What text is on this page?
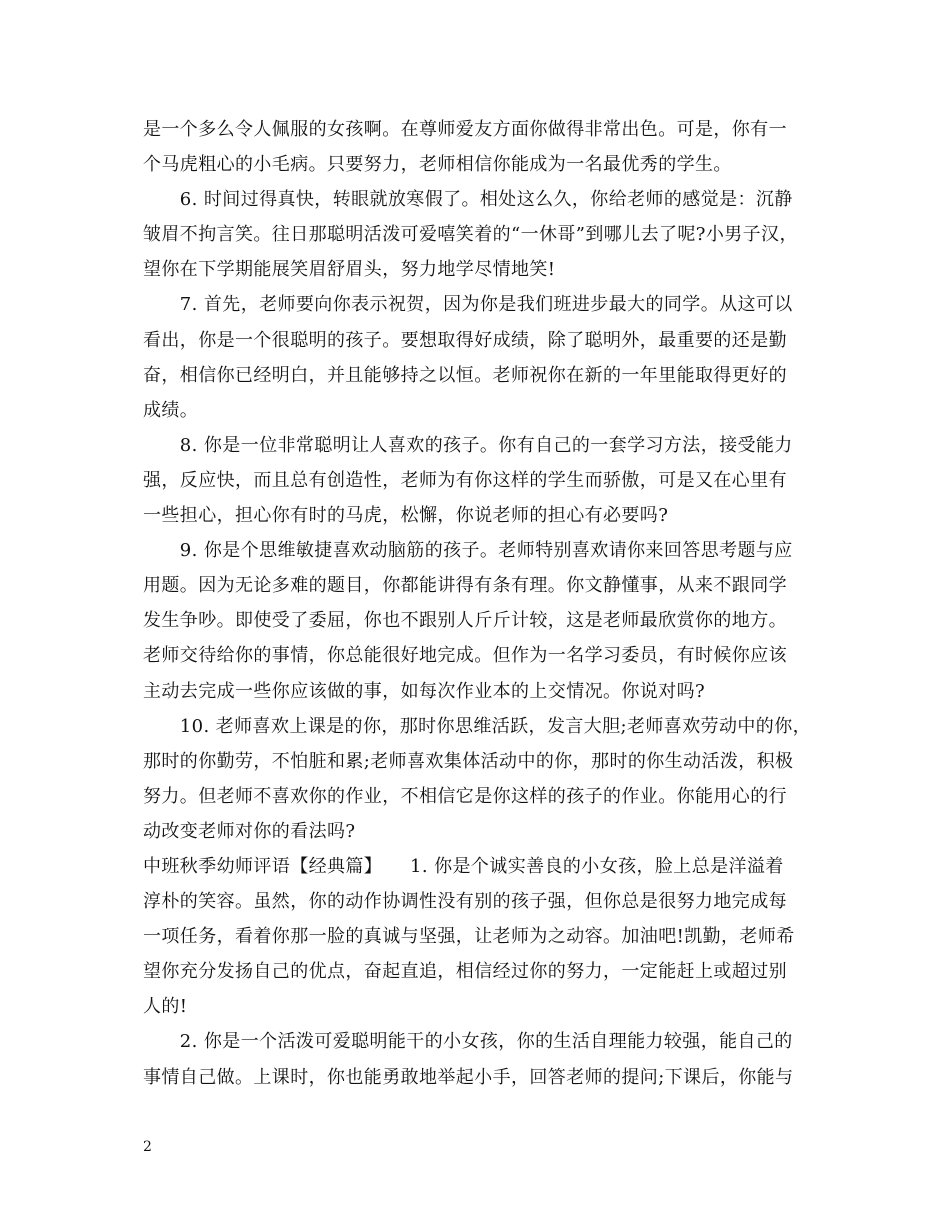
是一个多么令人佩服的女孩啊。在尊师爱友方面你做得非常出色。可是，你有一
个马虎粗心的小毛病。只要努力，老师相信你能成为一名最优秀的学生。
　　6. 时间过得真快，转眼就放寒假了。相处这么久，你给老师的感觉是：沉静
皱眉不拘言笑。往日那聪明活泼可爱嘻笑着的“一休哥”到哪儿去了呢?小男子汉，
望你在下学期能展笑眉舒眉头，努力地学尽情地笑!
　　7. 首先，老师要向你表示祝贺，因为你是我们班进步最大的同学。从这可以
看出，你是一个很聪明的孩子。要想取得好成绩，除了聪明外，最重要的还是勤
奋，相信你已经明白，并且能够持之以恒。老师祝你在新的一年里能取得更好的
成绩。
　　8. 你是一位非常聪明让人喜欢的孩子。你有自己的一套学习方法，接受能力
强，反应快，而且总有创造性，老师为有你这样的学生而骄傲，可是又在心里有
一些担心，担心你有时的马虎，松懈，你说老师的担心有必要吗?
　　9. 你是个思维敏捷喜欢动脑筋的孩子。老师特别喜欢请你来回答思考题与应
用题。因为无论多难的题目，你都能讲得有条有理。你文静懂事，从来不跟同学
发生争吵。即使受了委屈，你也不跟别人斤斤计较，这是老师最欣赏你的地方。
老师交待给你的事情，你总能很好地完成。但作为一名学习委员，有时候你应该
主动去完成一些你应该做的事，如每次作业本的上交情况。你说对吗?
　　10. 老师喜欢上课是的你，那时你思维活跃，发言大胆;老师喜欢劳动中的你，
那时的你勤劳，不怕脏和累;老师喜欢集体活动中的你，那时的你生动活泼，积极
努力。但老师不喜欢你的作业，不相信它是你这样的孩子的作业。你能用心的行
动改变老师对你的看法吗?
中班秋季幼师评语【经典篇】　　1. 你是个诚实善良的小女孩，脸上总是洋溢着
淳朴的笑容。虽然，你的动作协调性没有别的孩子强，但你总是很努力地完成每
一项任务，看着你那一脸的真诚与坚强，让老师为之动容。加油吧!凯勤，老师希
望你充分发扬自己的优点，奋起直追，相信经过你的努力，一定能赶上或超过别
人的!
　　2. 你是一个活泼可爱聪明能干的小女孩，你的生活自理能力较强，能自己的
事情自己做。上课时，你也能勇敢地举起小手，回答老师的提问;下课后，你能与
2
